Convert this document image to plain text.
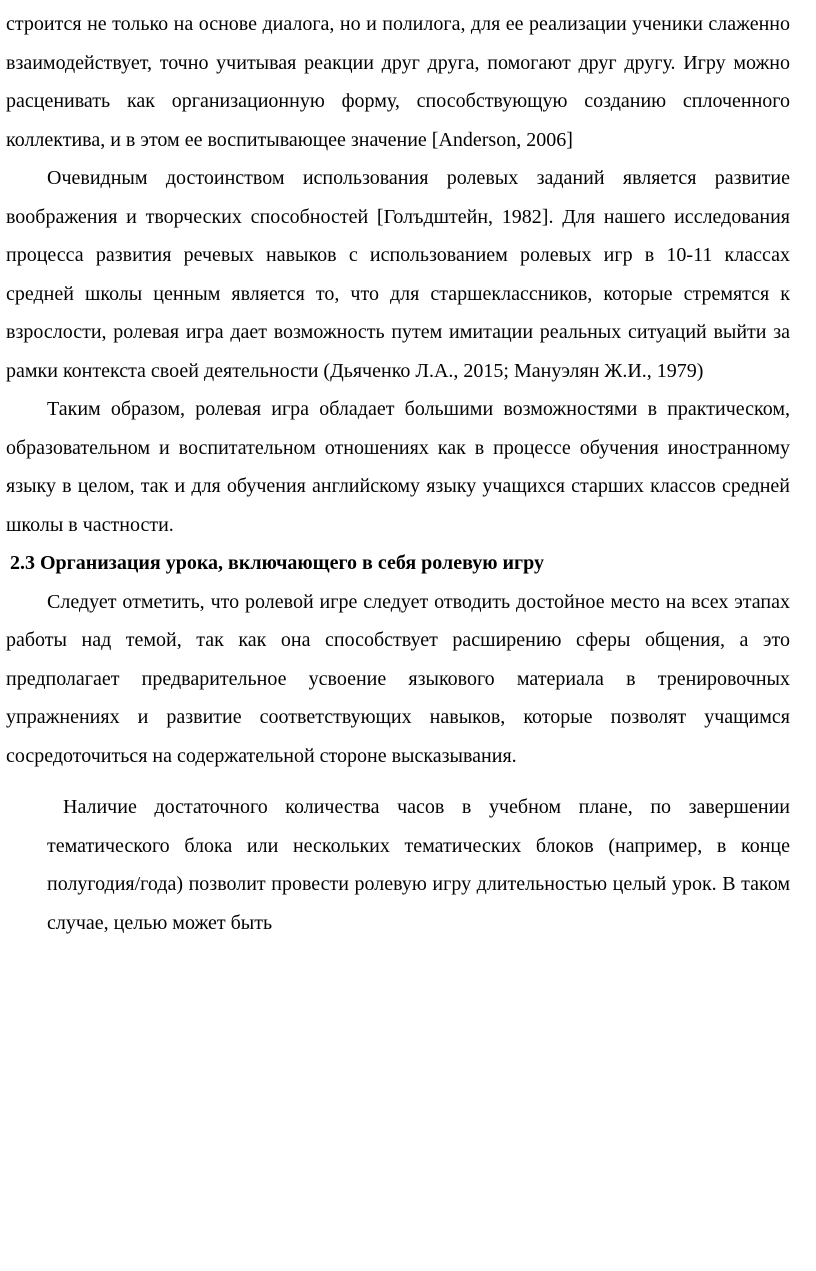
строится не только на основе диалога, но и полилога, для ее реализации ученики слаженно взаимодействует, точно учитывая реакции друг друга, помогают друг другу. Игру можно расценивать как организационную форму, способствующую созданию сплоченного коллектива, и в этом ее воспитывающее значение [Anderson, 2006]

Очевидным достоинством использования ролевых заданий является развитие воображения и творческих способностей [Голъдштейн, 1982]. Для нашего исследования процесса развития речевых навыков с использованием ролевых игр в 10-11 классах средней школы ценным является то, что для старшеклассников, которые стремятся к взрослости, ролевая игра дает возможность путем имитации реальных ситуаций выйти за рамки контекста своей деятельности (Дьяченко Л.А., 2015; Мануэлян Ж.И., 1979)

Таким образом, ролевая игра обладает большими возможностями в практическом, образовательном и воспитательном отношениях как в процессе обучения иностранному языку в целом, так и для обучения английскому языку учащихся старших классов средней школы в частности.

2.3 Организация урока, включающего в себя ролевую игру

Следует отметить, что ролевой игре следует отводить достойное место на всех этапах работы над темой, так как она способствует расширению сферы общения, а это предполагает предварительное усвоение языкового материала в тренировочных упражнениях и развитие соответствующих навыков, которые позволят учащимся сосредоточиться на содержательной стороне высказывания.

Наличие достаточного количества часов в учебном плане, по завершении тематического блока или нескольких тематических блоков (например, в конце полугодия/года) позволит провести ролевую игру длительностью целый урок. В таком случае, целью может быть
